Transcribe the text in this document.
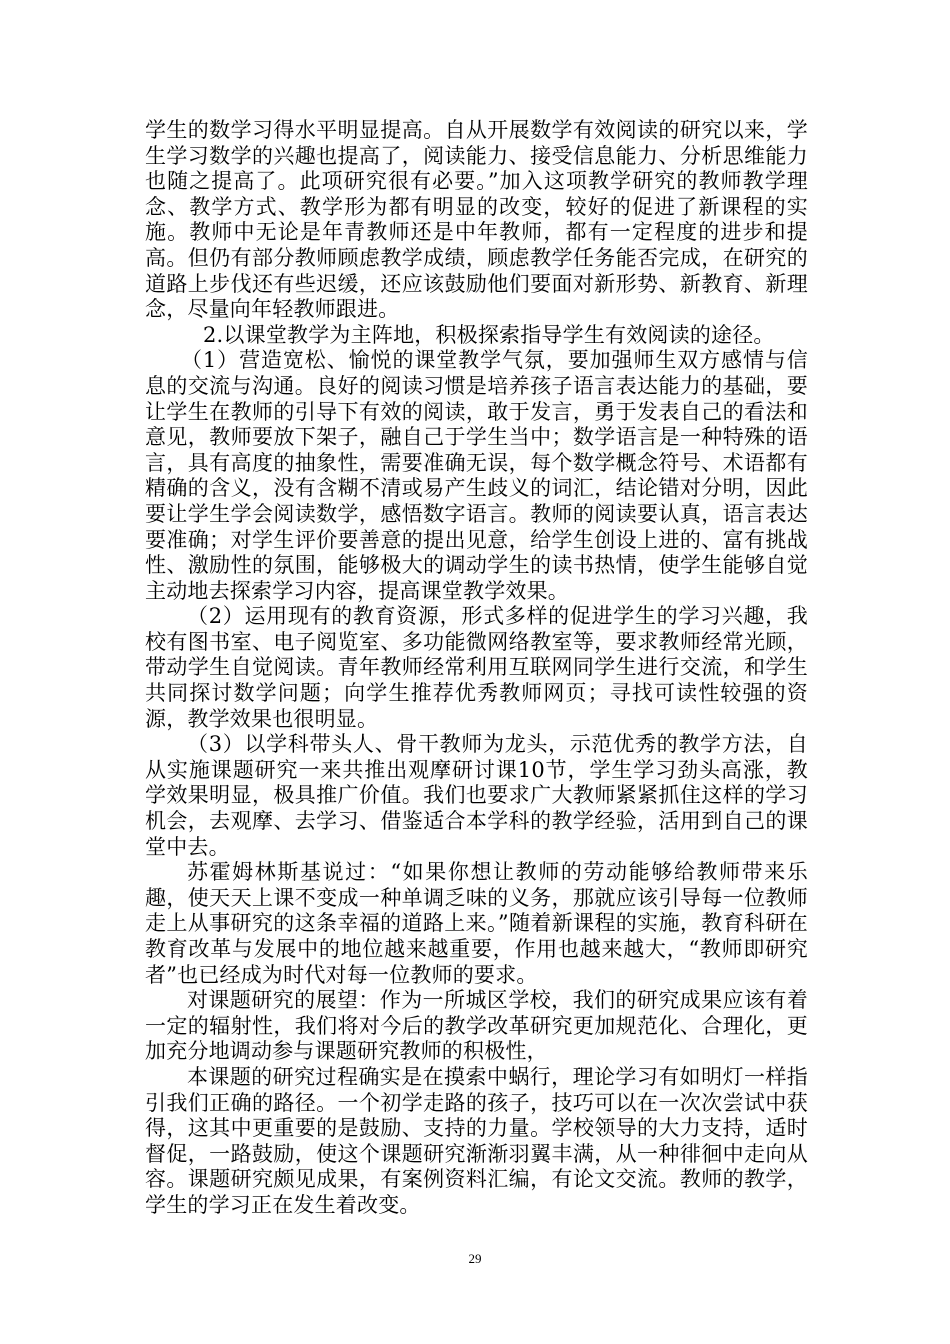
学生的数学习得水平明显提高。自从开展数学有效阅读的研究以来，学生学习数学的兴趣也提高了，阅读能力、接受信息能力、分析思维能力也随之提高了。此项研究很有必要。”加入这项教学研究的教师教学理念、教学方式、教学形为都有明显的改变，较好的促进了新课程的实施。教师中无论是年青教师还是中年教师，都有一定程度的进步和提高。但仍有部分教师顾虑教学成绩，顾虑教学任务能否完成，在研究的道路上步伐还有些迟缓，还应该鼓励他们要面对新形势、新教育、新理念，尽量向年轻教师跟进。

2.以课堂教学为主阵地，积极探索指导学生有效阅读的途径。

（1）营造宽松、愉悦的课堂教学气氛，要加强师生双方感情与信息的交流与沟通。良好的阅读习惯是培养孩子语言表达能力的基础，要让学生在教师的引导下有效的阅读，敢于发言，勇于发表自己的看法和意见，教师要放下架子，融自己于学生当中；数学语言是一种特殊的语言，具有高度的抽象性，需要准确无误，每个数学概念符号、术语都有精确的含义，没有含糊不清或易产生歧义的词汇，结论错对分明，因此要让学生学会阅读数学，感悟数字语言。教师的阅读要认真，语言表达要准确；对学生评价要善意的提出见意，给学生创设上进的、富有挑战性、激励性的氛围，能够极大的调动学生的读书热情，使学生能够自觉主动地去探索学习内容，提高课堂教学效果。

（2）运用现有的教育资源，形式多样的促进学生的学习兴趣，我校有图书室、电子阅览室、多功能微网络教室等，要求教师经常光顾，带动学生自觉阅读。青年教师经常利用互联网同学生进行交流，和学生共同探讨数学问题；向学生推荐优秀教师网页；寻找可读性较强的资源，教学效果也很明显。

（3）以学科带头人、骨干教师为龙头，示范优秀的教学方法，自从实施课题研究一来共推出观摩研讨课10节，学生学习劲头高涨，教学效果明显，极具推广价值。我们也要求广大教师紧紧抓住这样的学习机会，去观摩、去学习、借鉴适合本学科的教学经验，活用到自己的课堂中去。

苏霍姆林斯基说过：“如果你想让教师的劳动能够给教师带来乐趣，使天天上课不变成一种单调乏味的义务，那就应该引导每一位教师走上从事研究的这条幸福的道路上来。”随着新课程的实施，教育科研在教育改革与发展中的地位越来越重要，作用也越来越大，“教师即研究者”也已经成为时代对每一位教师的要求。

对课题研究的展望：作为一所城区学校，我们的研究成果应该有着一定的辐射性，我们将对今后的教学改革研究更加规范化、合理化，更加充分地调动参与课题研究教师的积极性，

本课题的研究过程确实是在摸索中蜗行，理论学习有如明灯一样指引我们正确的路径。一个初学走路的孩子，技巧可以在一次次尝试中获得，这其中更重要的是鼓励、支持的力量。学校领导的大力支持，适时督促，一路鼓励，使这个课题研究渐渐羽翼丰满，从一种徘徊中走向从容。课题研究颇见成果，有案例资料汇编，有论文交流。教师的教学，学生的学习正在发生着改变。

29
